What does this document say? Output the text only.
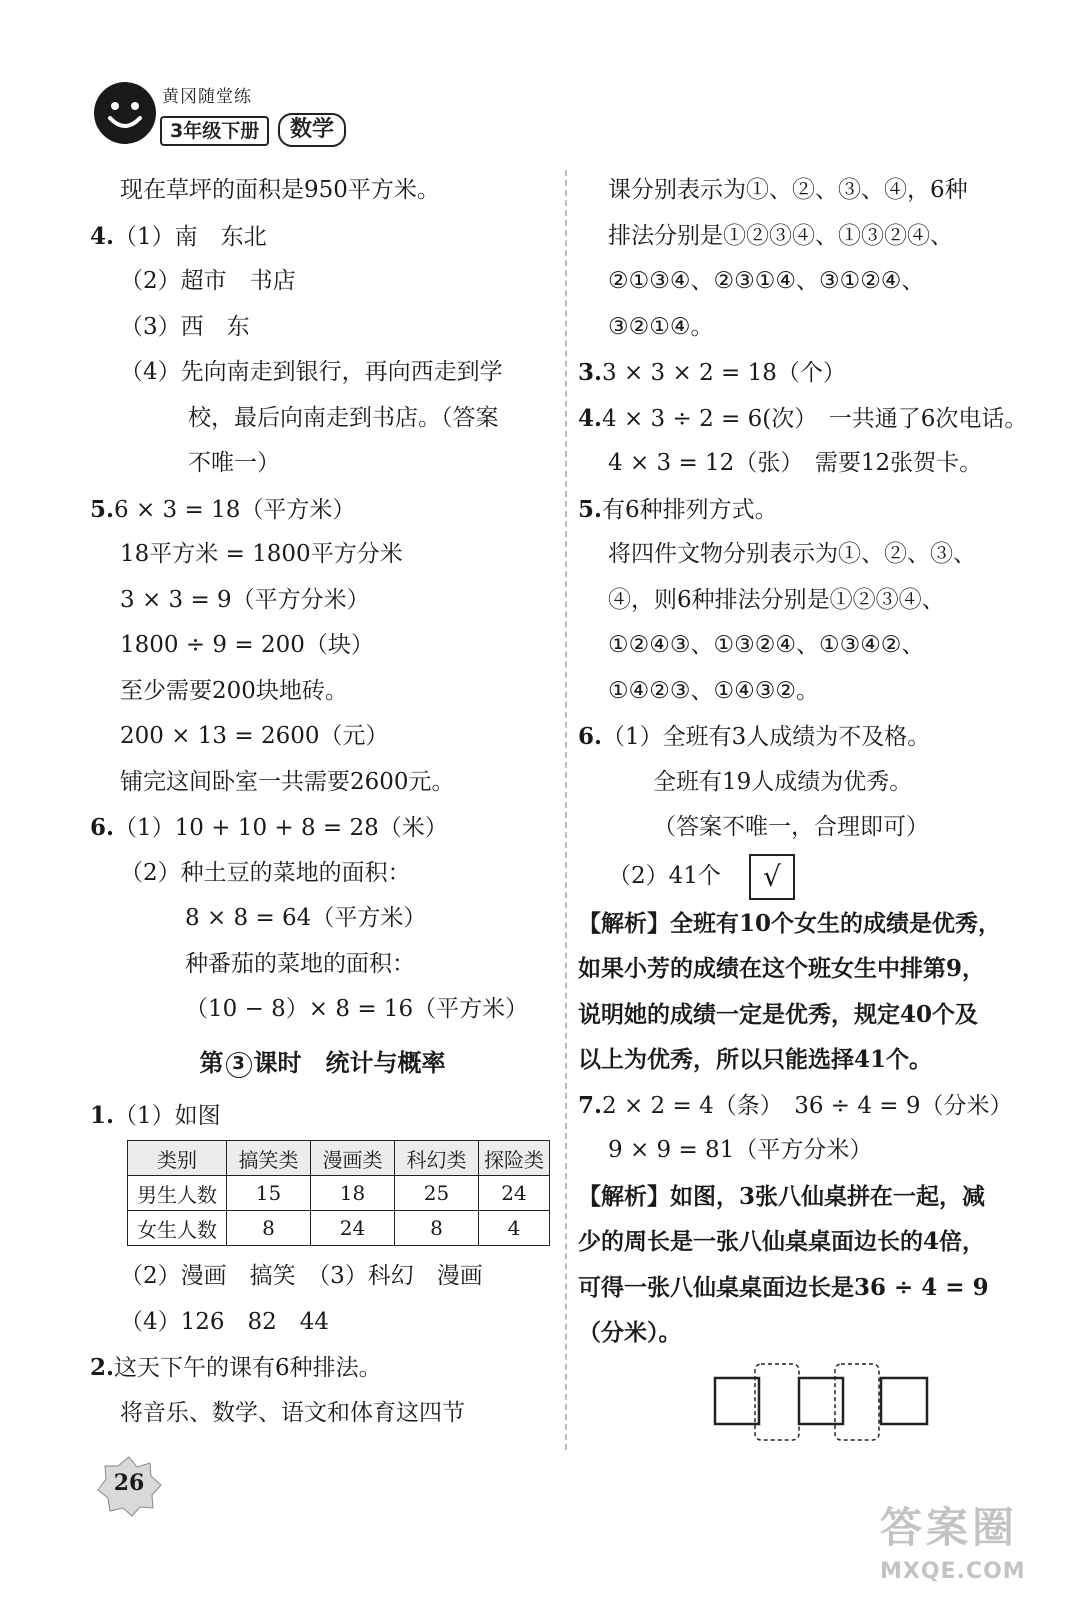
黄冈随堂练
3年级下册	数学
现在草坪的面积是950平方米。
4.（1）南　东北
（2）超市　书店
（3）西　东
（4）先向南走到银行，再向西走到学
校，最后向南走到书店。（答案
不唯一）
5.6 × 3 = 18（平方米）
18平方米 = 1800平方分米
3 × 3 = 9（平方分米）
1800 ÷ 9 = 200（块）
至少需要200块地砖。
200 × 13 = 2600（元）
铺完这间卧室一共需要2600元。
6.（1）10 + 10 + 8 = 28（米）
（2）种土豆的菜地的面积：
8 × 8 = 64（平方米）
种番茄的菜地的面积：
（10 − 8）× 8 = 16（平方米）
第 3 课时　统计与概率
1.（1）如图
类别	搞笑类	漫画类	科幻类	探险类
男生人数	15	18	25	24
女生人数	8	24	8	4
（2）漫画　搞笑　（3）科幻　漫画
（4）126　82　44
2.这天下午的课有6种排法。
将音乐、数学、语文和体育这四节
课分别表示为①、②、③、④，6种
排法分别是①②③④、①③②④、
②①③④、②③①④、③①②④、
③②①④。
3.3 × 3 × 2 = 18（个）
4.4 × 3 ÷ 2 = 6(次）　一共通了6次电话。
4 × 3 = 12（张）　需要12张贺卡。
5.有6种排列方式。
将四件文物分别表示为①、②、③、
④，则6种排法分别是①②③④、
①②④③、①③②④、①③④②、
①④②③、①④③②。
6.（1）全班有3人成绩为不及格。
全班有19人成绩为优秀。
（答案不唯一，合理即可）
（2）41个 √
【解析】全班有10个女生的成绩是优秀，
如果小芳的成绩在这个班女生中排第9，
说明她的成绩一定是优秀，规定40个及
以上为优秀，所以只能选择41个。
7.2 × 2 = 4（条）　36 ÷ 4 = 9（分米）
9 × 9 = 81（平方分米）
【解析】如图，3张八仙桌拼在一起，减
少的周长是一张八仙桌桌面边长的4倍，
可得一张八仙桌桌面边长是36 ÷ 4 = 9
（分米）。
26
答案圈
MXQE.COM
